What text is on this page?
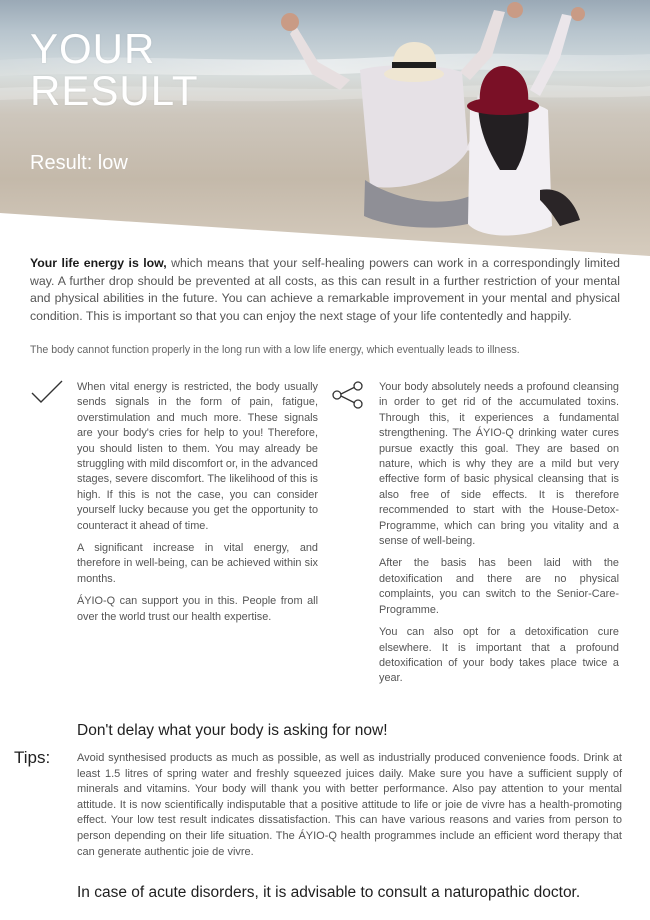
YOUR
RESULT
Result: low

Your life energy is low, which means that your self-healing powers can work in a correspondingly limited way. A further drop should be prevented at all costs, as this can result in a further restriction of your mental and physical abilities in the future. You can achieve a remarkable improvement in your mental and physical condition. This is important so that you can enjoy the next stage of your life contentedly and happily.

The body cannot function properly in the long run with a low life energy, which eventually leads to illness.

When vital energy is restricted, the body usually sends signals in the form of pain, fatigue, overstimulation and much more. These signals are your body's cries for help to you! Therefore, you should listen to them. You may already be struggling with mild discomfort or, in the advanced stages, severe discomfort. The likelihood of this is high. If this is not the case, you can consider yourself lucky because you get the opportunity to counteract it ahead of time.

A significant increase in vital energy, and therefore in well-being, can be achieved within six months.

ÁYIO-Q can support you in this. People from all over the world trust our health expertise.

Your body absolutely needs a profound cleansing in order to get rid of the accumulated toxins. Through this, it experiences a fundamental strengthening. The ÁYIO-Q drinking water cures pursue exactly this goal. They are based on nature, which is why they are a mild but very effective form of basic physical cleansing that is also free of side effects. It is therefore recommended to start with the House-Detox-Programme, which can bring you vitality and a sense of well-being.

After the basis has been laid with the detoxification and there are no physical complaints, you can switch to the Senior-Care-Programme.

You can also opt for a detoxification cure elsewhere. It is important that a profound detoxification of your body takes place twice a year.

Don't delay what your body is asking for now!

Tips: Avoid synthesised products as much as possible, as well as industrially produced convenience foods. Drink at least 1.5 litres of spring water and freshly squeezed juices daily. Make sure you have a sufficient supply of minerals and vitamins. Your body will thank you with better performance. Also pay attention to your mental attitude. It is now scientifically indisputable that a positive attitude to life or joie de vivre has a health-promoting effect. Your low test result indicates dissatisfaction. This can have various reasons and varies from person to person depending on their life situation. The ÁYIO-Q health programmes include an efficient word therapy that can generate authentic joie de vivre.

In case of acute disorders, it is advisable to consult a naturopathic doctor.
